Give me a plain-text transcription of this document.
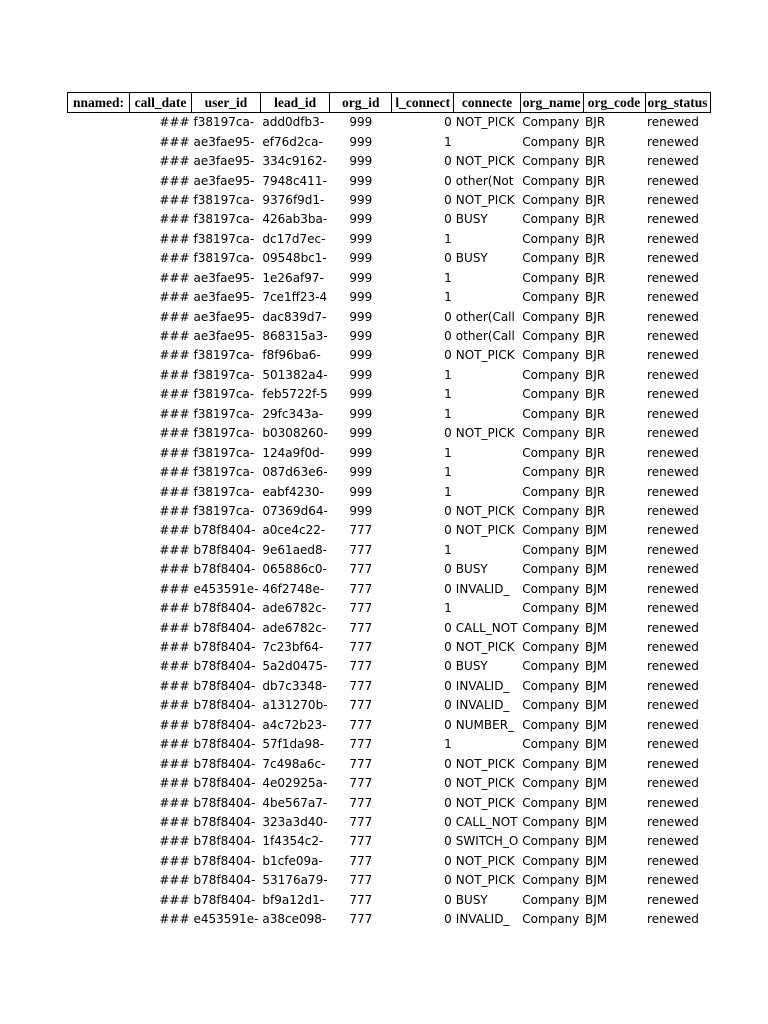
nnamed:	call_date	user_id	lead_id	org_id	l_connect	connecte	org_name	org_code	org_status
	###	f38197ca-	add0dfb3-	999	0	NOT_PICK	Company	BJR	renewed
	###	ae3fae95-	ef76d2ca-	999	1		Company	BJR	renewed
	###	ae3fae95-	334c9162-	999	0	NOT_PICK	Company	BJR	renewed
	###	ae3fae95-	7948c411-	999	0	other(Not	Company	BJR	renewed
	###	f38197ca-	9376f9d1-	999	0	NOT_PICK	Company	BJR	renewed
	###	f38197ca-	426ab3ba-	999	0	BUSY	Company	BJR	renewed
	###	f38197ca-	dc17d7ec-	999	1		Company	BJR	renewed
	###	f38197ca-	09548bc1-	999	0	BUSY	Company	BJR	renewed
	###	ae3fae95-	1e26af97-	999	1		Company	BJR	renewed
	###	ae3fae95-	7ce1ff23-4	999	1		Company	BJR	renewed
	###	ae3fae95-	dac839d7-	999	0	other(Call	Company	BJR	renewed
	###	ae3fae95-	868315a3-	999	0	other(Call	Company	BJR	renewed
	###	f38197ca-	f8f96ba6-	999	0	NOT_PICK	Company	BJR	renewed
	###	f38197ca-	501382a4-	999	1		Company	BJR	renewed
	###	f38197ca-	feb5722f-5	999	1		Company	BJR	renewed
	###	f38197ca-	29fc343a-	999	1		Company	BJR	renewed
	###	f38197ca-	b0308260-	999	0	NOT_PICK	Company	BJR	renewed
	###	f38197ca-	124a9f0d-	999	1		Company	BJR	renewed
	###	f38197ca-	087d63e6-	999	1		Company	BJR	renewed
	###	f38197ca-	eabf4230-	999	1		Company	BJR	renewed
	###	f38197ca-	07369d64-	999	0	NOT_PICK	Company	BJR	renewed
	###	b78f8404-	a0ce4c22-	777	0	NOT_PICK	Company	BJM	renewed
	###	b78f8404-	9e61aed8-	777	1		Company	BJM	renewed
	###	b78f8404-	065886c0-	777	0	BUSY	Company	BJM	renewed
	###	e453591e-	46f2748e-	777	0	INVALID_	Company	BJM	renewed
	###	b78f8404-	ade6782c-	777	1		Company	BJM	renewed
	###	b78f8404-	ade6782c-	777	0	CALL_NOT	Company	BJM	renewed
	###	b78f8404-	7c23bf64-	777	0	NOT_PICK	Company	BJM	renewed
	###	b78f8404-	5a2d0475-	777	0	BUSY	Company	BJM	renewed
	###	b78f8404-	db7c3348-	777	0	INVALID_	Company	BJM	renewed
	###	b78f8404-	a131270b-	777	0	INVALID_	Company	BJM	renewed
	###	b78f8404-	a4c72b23-	777	0	NUMBER_	Company	BJM	renewed
	###	b78f8404-	57f1da98-	777	1		Company	BJM	renewed
	###	b78f8404-	7c498a6c-	777	0	NOT_PICK	Company	BJM	renewed
	###	b78f8404-	4e02925a-	777	0	NOT_PICK	Company	BJM	renewed
	###	b78f8404-	4be567a7-	777	0	NOT_PICK	Company	BJM	renewed
	###	b78f8404-	323a3d40-	777	0	CALL_NOT	Company	BJM	renewed
	###	b78f8404-	1f4354c2-	777	0	SWITCH_O	Company	BJM	renewed
	###	b78f8404-	b1cfe09a-	777	0	NOT_PICK	Company	BJM	renewed
	###	b78f8404-	53176a79-	777	0	NOT_PICK	Company	BJM	renewed
	###	b78f8404-	bf9a12d1-	777	0	BUSY	Company	BJM	renewed
	###	e453591e-	a38ce098-	777	0	INVALID_	Company	BJM	renewed
